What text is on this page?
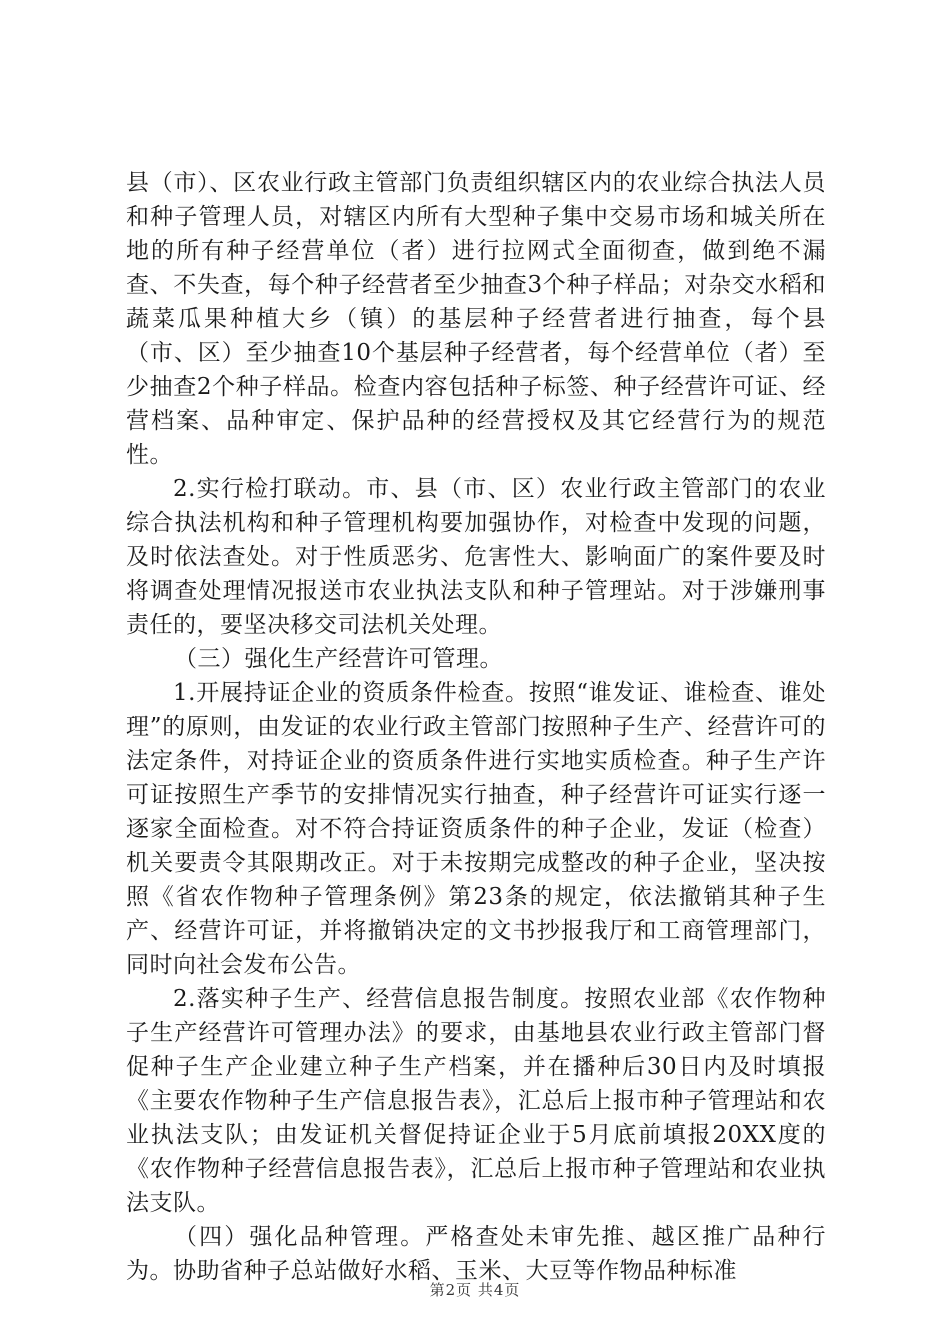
县（市）、区农业行政主管部门负责组织辖区内的农业综合执法人员和种子管理人员，对辖区内所有大型种子集中交易市场和城关所在地的所有种子经营单位（者）进行拉网式全面彻查，做到绝不漏查、不失查，每个种子经营者至少抽查3个种子样品；对杂交水稻和蔬菜瓜果种植大乡（镇）的基层种子经营者进行抽查，每个县（市、区）至少抽查10个基层种子经营者，每个经营单位（者）至少抽查2个种子样品。检查内容包括种子标签、种子经营许可证、经营档案、品种审定、保护品种的经营授权及其它经营行为的规范性。

2.实行检打联动。市、县（市、区）农业行政主管部门的农业综合执法机构和种子管理机构要加强协作，对检查中发现的问题，及时依法查处。对于性质恶劣、危害性大、影响面广的案件要及时将调查处理情况报送市农业执法支队和种子管理站。对于涉嫌刑事责任的，要坚决移交司法机关处理。

（三）强化生产经营许可管理。

1.开展持证企业的资质条件检查。按照“谁发证、谁检查、谁处理”的原则，由发证的农业行政主管部门按照种子生产、经营许可的法定条件，对持证企业的资质条件进行实地实质检查。种子生产许可证按照生产季节的安排情况实行抽查，种子经营许可证实行逐一逐家全面检查。对不符合持证资质条件的种子企业，发证（检查）机关要责令其限期改正。对于未按期完成整改的种子企业，坚决按照《省农作物种子管理条例》第23条的规定，依法撤销其种子生产、经营许可证，并将撤销决定的文书抄报我厅和工商管理部门，同时向社会发布公告。

2.落实种子生产、经营信息报告制度。按照农业部《农作物种子生产经营许可管理办法》的要求，由基地县农业行政主管部门督促种子生产企业建立种子生产档案，并在播种后30日内及时填报《主要农作物种子生产信息报告表》，汇总后上报市种子管理站和农业执法支队；由发证机关督促持证企业于5月底前填报20XX度的《农作物种子经营信息报告表》，汇总后上报市种子管理站和农业执法支队。

（四）强化品种管理。严格查处未审先推、越区推广品种行为。协助省种子总站做好水稻、玉米、大豆等作物品种标准

第2页 共4页
